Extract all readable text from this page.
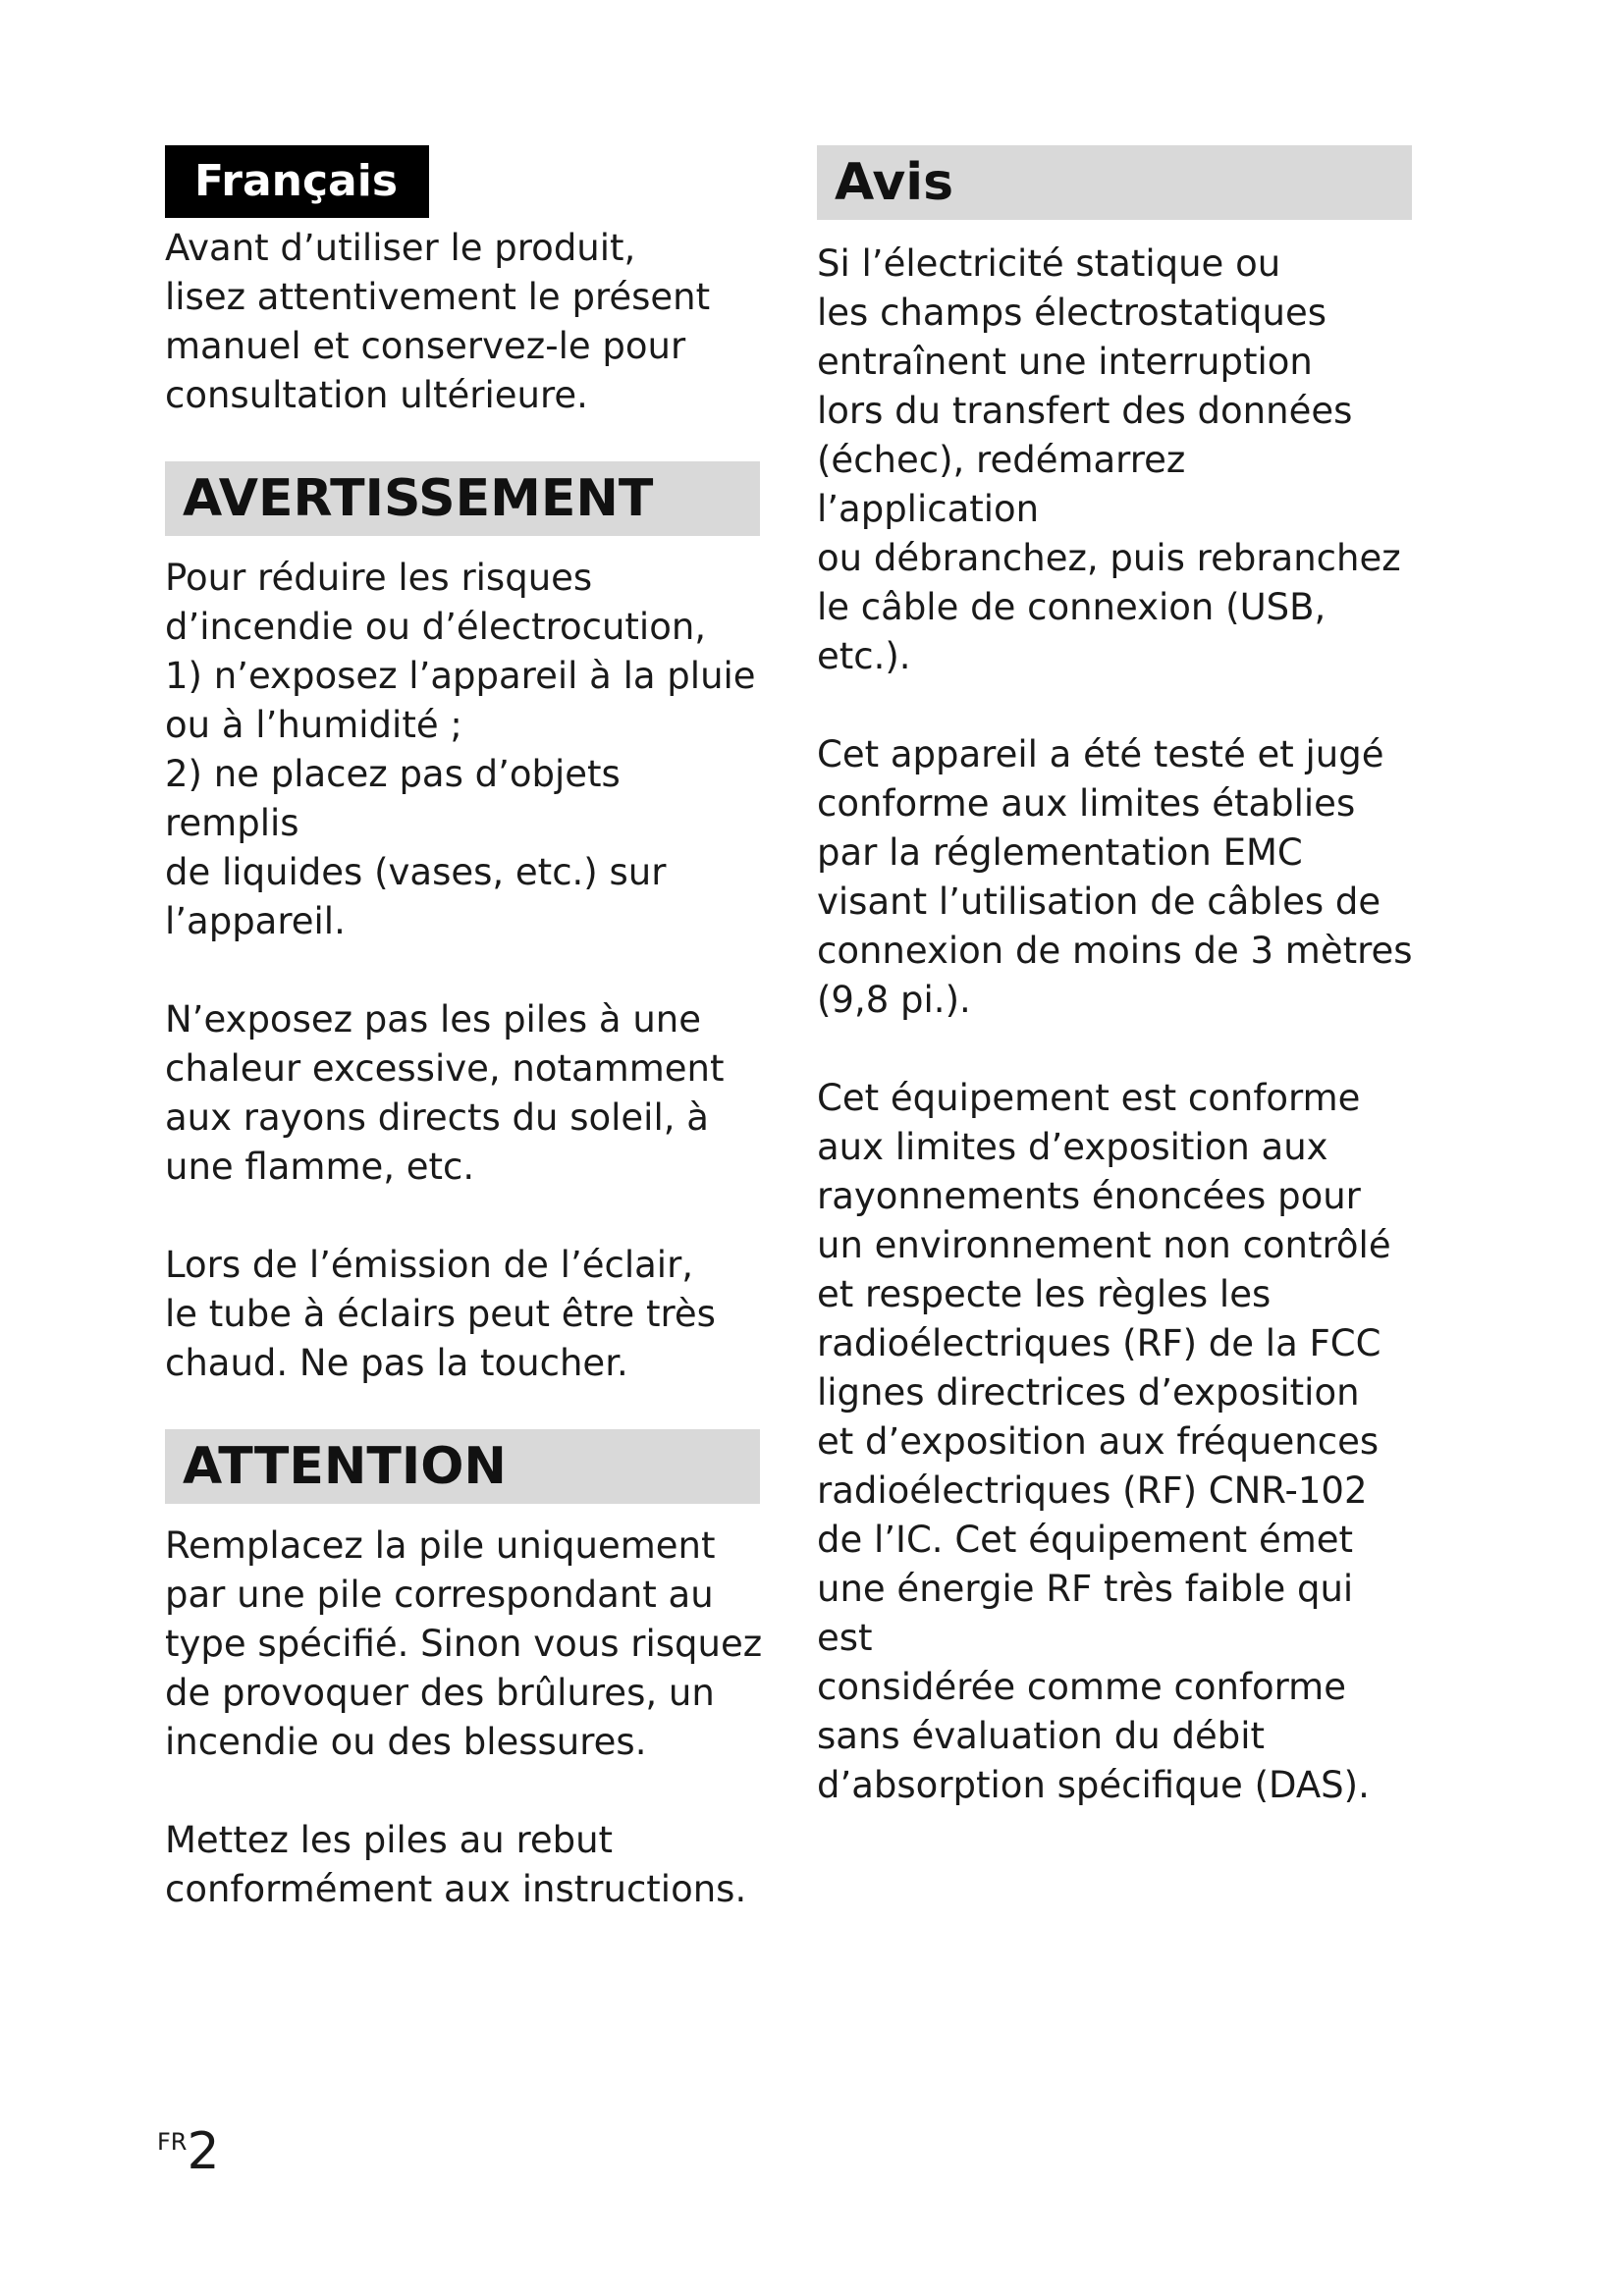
Français

Avant d’utiliser le produit,
lisez attentivement le présent
manuel et conservez-le pour
consultation ultérieure.

AVERTISSEMENT

Pour réduire les risques
d’incendie ou d’électrocution,
1) n’exposez l’appareil à la pluie
ou à l’humidité ;
2) ne placez pas d’objets remplis
de liquides (vases, etc.) sur
l’appareil.

N’exposez pas les piles à une
chaleur excessive, notamment
aux rayons directs du soleil, à
une flamme, etc.

Lors de l’émission de l’éclair,
le tube à éclairs peut être très
chaud. Ne pas la toucher.

ATTENTION

Remplacez la pile uniquement
par une pile correspondant au
type spécifié. Sinon vous risquez
de provoquer des brûlures, un
incendie ou des blessures.

Mettez les piles au rebut
conformément aux instructions.

Avis

Si l’électricité statique ou
les champs électrostatiques
entraînent une interruption
lors du transfert des données
(échec), redémarrez l’application
ou débranchez, puis rebranchez
le câble de connexion (USB, etc.).

Cet appareil a été testé et jugé
conforme aux limites établies
par la réglementation EMC
visant l’utilisation de câbles de
connexion de moins de 3 mètres
(9,8 pi.).

Cet équipement est conforme
aux limites d’exposition aux
rayonnements énoncées pour
un environnement non contrôlé
et respecte les règles les
radioélectriques (RF) de la FCC
lignes directrices d’exposition
et d’exposition aux fréquences
radioélectriques (RF) CNR-102
de l’IC. Cet équipement émet
une énergie RF très faible qui est
considérée comme conforme
sans évaluation du débit
d’absorption spécifique (DAS).

FR2
